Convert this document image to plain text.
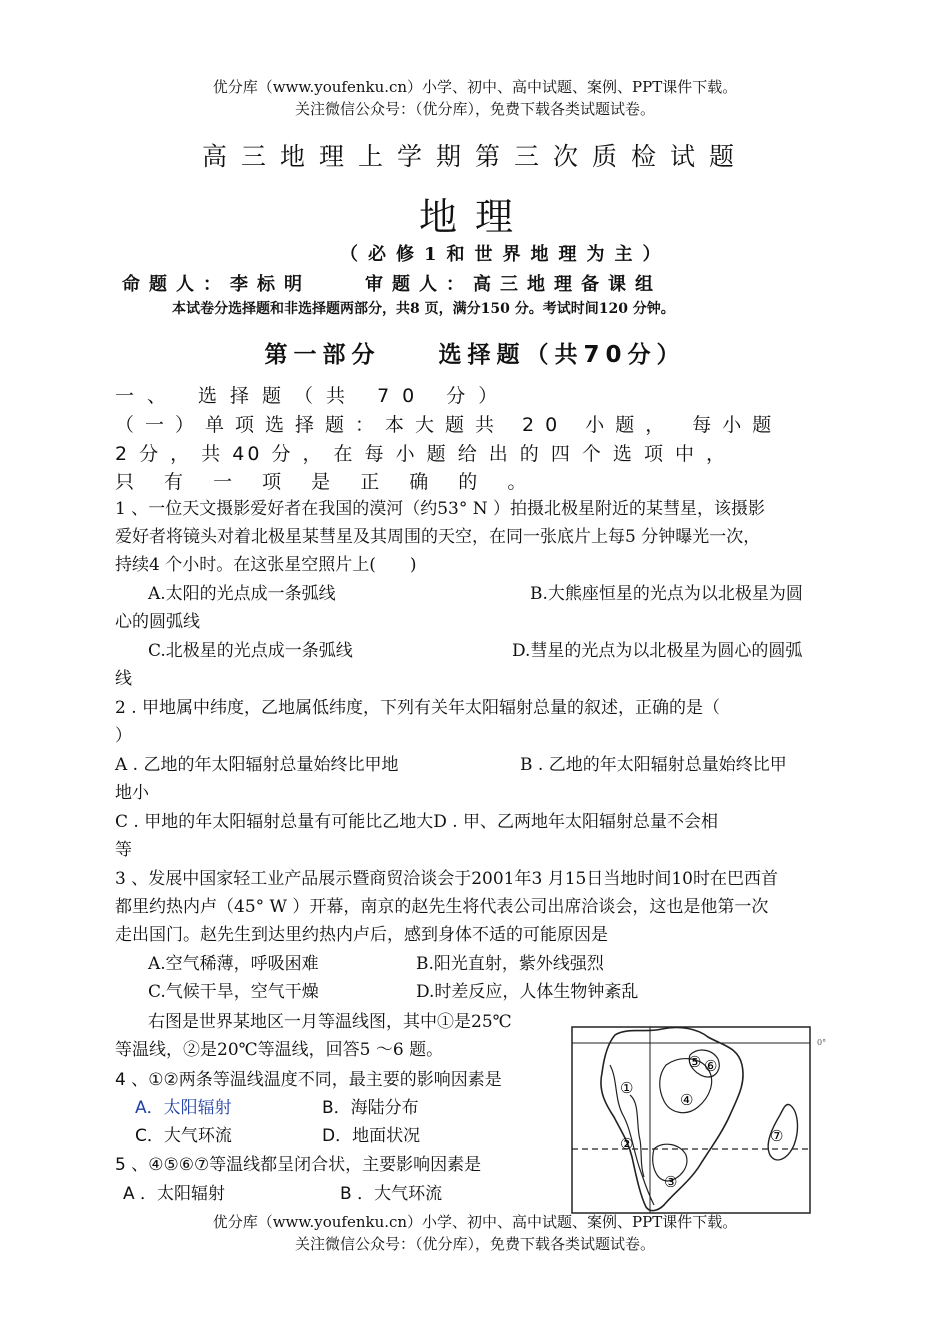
优分库（www.youfenku.cn）小学、初中、高中试题、案例、PPT课件下载。
关注微信公众号：（优分库），免费下载各类试题试卷。
高三地理上学期第三次质检试题
地理
（必修1和世界地理为主）
命题人：李标明　　审题人：高三地理备课组
本试卷分选择题和非选择题两部分，共8 页，满分150 分。考试时间120 分钟。
第一部分　　选择题（共70分）
一、 选择题（共 70 分）
（一）单项选择题：本大题共 20 小题， 每小题
2 分 ， 共 40 分 ， 在 每 小 题 给 出 的 四 个 选 项 中 ，
只 有 一 项 是 正 确 的 。
1 、一位天文摄影爱好者在我国的漠河（约53° N ）拍摄北极星附近的某彗星，该摄影
爱好者将镜头对着北极星某彗星及其周围的天空，在同一张底片上每5 分钟曝光一次，
持续4 个小时。在这张星空照片上(　　)
A.太阳的光点成一条弧线	B.大熊座恒星的光点为以北极星为圆
心的圆弧线
C.北极星的光点成一条弧线	D.彗星的光点为以北极星为圆心的圆弧
线
2 . 甲地属中纬度，乙地属低纬度，下列有关年太阳辐射总量的叙述，正确的是（
）
A . 乙地的年太阳辐射总量始终比甲地	B . 乙地的年太阳辐射总量始终比甲
地小
C . 甲地的年太阳辐射总量有可能比乙地大D . 甲、乙两地年太阳辐射总量不会相
等
3 、发展中国家轻工业产品展示暨商贸洽谈会于2001年3 月15日当地时间10时在巴西首
都里约热内卢（45° W ）开幕，南京的赵先生将代表公司出席洽谈会，这也是他第一次
走出国门。赵先生到达里约热内卢后，感到身体不适的可能原因是
A.空气稀薄，呼吸困难	B.阳光直射，紫外线强烈
C.气候干旱，空气干燥	D.时差反应，人体生物钟紊乱
右图是世界某地区一月等温线图，其中①是25℃
等温线，②是20℃等温线，回答5 ～6 题。
4 、①②两条等温线温度不同，最主要的影响因素是
A．太阳辐射	B．海陆分布
C．大气环流	D．地面状况
5 、④⑤⑥⑦等温线都呈闭合状，主要影响因素是
A ．太阳辐射	B ．大气环流
0°
①
②
③
④
⑤ ⑥
⑦
优分库（www.youfenku.cn）小学、初中、高中试题、案例、PPT课件下载。
关注微信公众号：（优分库），免费下载各类试题试卷。
